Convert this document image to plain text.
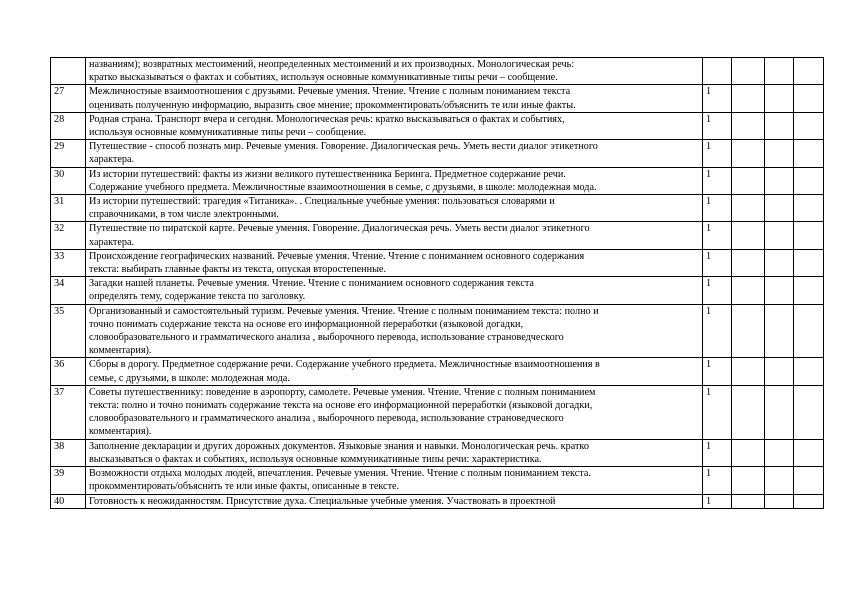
	названиям); возвратных местоимений, неопределенных местоимений и их производных. Монологическая речь:
кратко высказываться о фактах и событиях, используя основные коммуникативные типы речи – сообщение.				
27	Межличностные взаимоотношения с друзьями. Речевые умения. Чтение. Чтение с полным пониманием текста
оценивать полученную информацию, выразить свое мнение; прокомментировать/объяснить те или иные факты.	1			
28	Родная страна. Транспорт вчера и сегодня. Монологическая речь: кратко высказываться о фактах и событиях,
используя основные коммуникативные типы речи – сообщение.	1			
29	Путешествие - способ познать мир. Речевые умения. Говорение. Диалогическая речь. Уметь вести диалог этикетного
характера.	1			
30	Из истории путешествий: факты из жизни великого путешественника Беринга. Предметное содержание речи.
Содержание учебного предмета. Межличностные взаимоотношения в семье, с друзьями, в школе: молодежная мода.	1			
31	Из истории путешествий: трагедия «Титаника». . Специальные учебные умения: пользоваться словарями и
справочниками, в том числе электронными.	1			
32	Путешествие по пиратской карте. Речевые умения. Говорение. Диалогическая речь. Уметь вести диалог этикетного
характера.	1			
33	Происхождение географических названий. Речевые умения. Чтение. Чтение с пониманием основного содержания
текста: выбирать главные факты из текста, опуская второстепенные.	1			
34	Загадки нашей планеты. Речевые умения. Чтение. Чтение с пониманием основного содержания текста
определять тему, содержание текста по заголовку.	1			
35	Организованный и самостоятельный туризм. Речевые умения. Чтение. Чтение с полным пониманием текста: полно и
точно понимать содержание текста на основе его информационной переработки (языковой догадки,
словообразовательного и грамматического анализа , выборочного перевода, использование страноведческого
комментария).	1			
36	Сборы в дорогу. Предметное содержание речи. Содержание учебного предмета. Межличностные взаимоотношения в
семье, с друзьями, в школе: молодежная мода.	1			
37	Советы путешественнику: поведение в аэропорту, самолете. Речевые умения. Чтение. Чтение с полным пониманием
текста: полно и точно понимать содержание текста на основе его информационной переработки (языковой догадки,
словообразовательного и грамматического анализа , выборочного перевода, использование страноведческого
комментария).	1			
38	Заполнение декларации и других дорожных документов. Языковые знания и навыки. Монологическая речь. кратко
высказываться о фактах и событиях, используя основные коммуникативные типы речи: характеристика.	1			
39	Возможности отдыха молодых людей, впечатления. Речевые умения. Чтение. Чтение с полным пониманием текста.
прокомментировать/объяснить те или иные факты, описанные в тексте.	1			
40	Готовность к неожиданностям. Присутствие духа. Специальные учебные умения. Участвовать в проектной	1			
